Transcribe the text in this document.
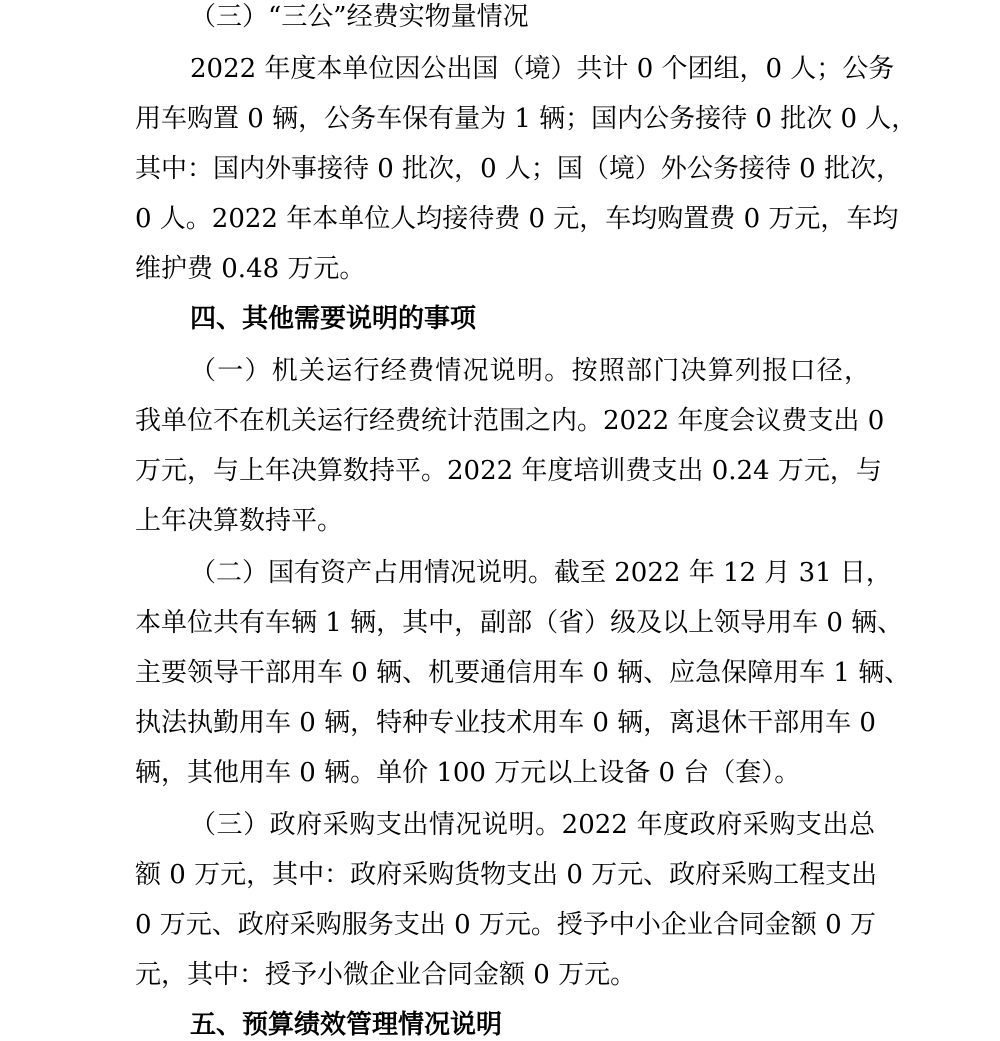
（三）“三公”经费实物量情况
2022 年度本单位因公出国（境）共计 0 个团组，0 人；公务
用车购置 0 辆，公务车保有量为 1 辆；国内公务接待 0 批次 0 人，
其中：国内外事接待 0 批次，0 人；国（境）外公务接待 0 批次，
0 人。2022 年本单位人均接待费 0 元，车均购置费 0 万元，车均
维护费 0.48 万元。
四、其他需要说明的事项
（一）机关运行经费情况说明。按照部门决算列报口径，
我单位不在机关运行经费统计范围之内。2022 年度会议费支出 0
万元，与上年决算数持平。2022 年度培训费支出 0.24 万元，与
上年决算数持平。
（二）国有资产占用情况说明。截至 2022 年 12 月 31 日，
本单位共有车辆 1 辆，其中，副部（省）级及以上领导用车 0 辆、
主要领导干部用车 0 辆、机要通信用车 0 辆、应急保障用车 1 辆、
执法执勤用车 0 辆，特种专业技术用车 0 辆，离退休干部用车 0
辆，其他用车 0 辆。单价 100 万元以上设备 0 台（套）。
（三）政府采购支出情况说明。2022 年度政府采购支出总
额 0 万元，其中：政府采购货物支出 0 万元、政府采购工程支出
0 万元、政府采购服务支出 0 万元。授予中小企业合同金额 0 万
元，其中：授予小微企业合同金额 0 万元。
五、预算绩效管理情况说明
